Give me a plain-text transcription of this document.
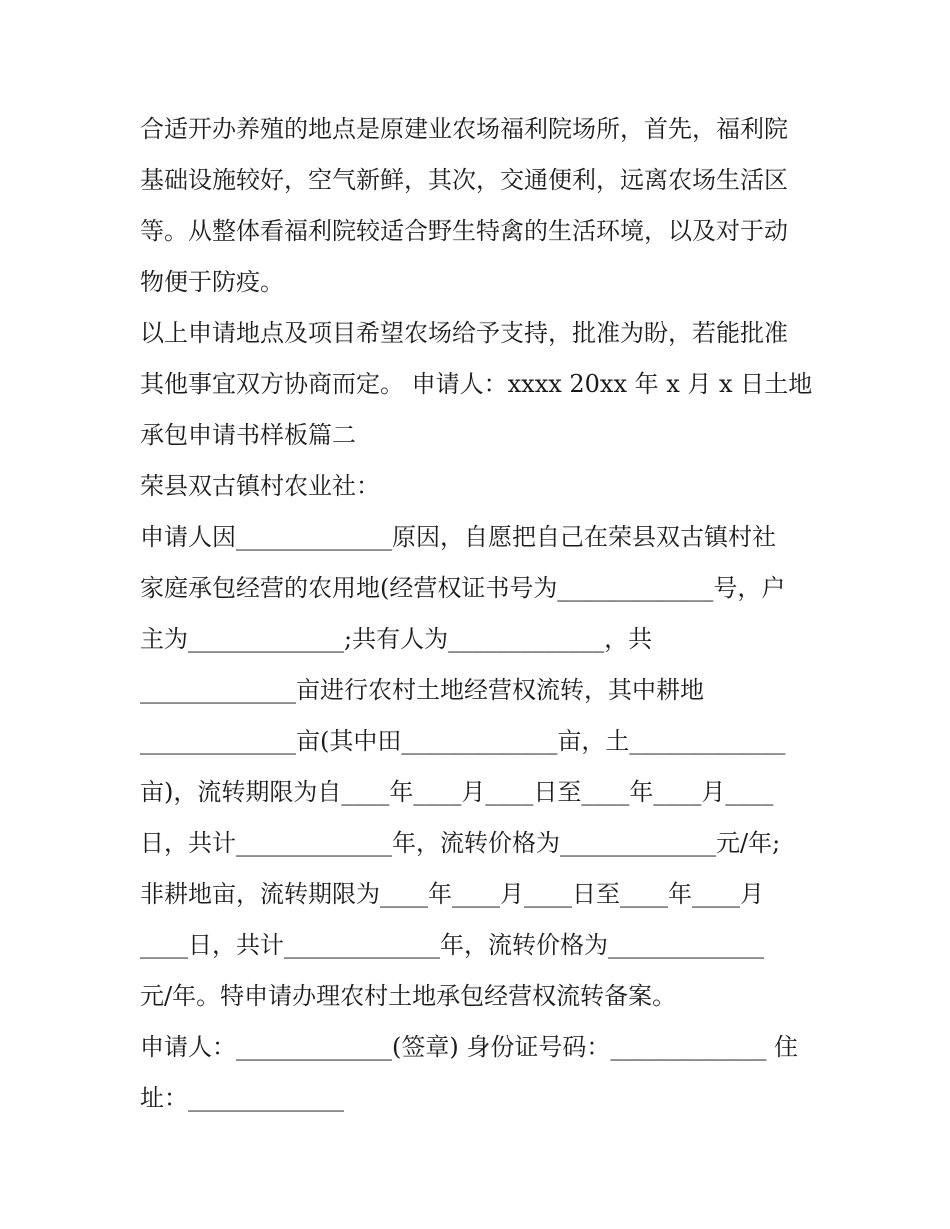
合适开办养殖的地点是原建业农场福利院场所，首先，福利院
基础设施较好，空气新鲜，其次，交通便利，远离农场生活区
等。从整体看福利院较适合野生特禽的生活环境，以及对于动
物便于防疫。
以上申请地点及项目希望农场给予支持，批准为盼，若能批准
其他事宜双方协商而定。 申请人：xxxx 20xx 年 x 月 x 日土地
承包申请书样板篇二
荣县双古镇村农业社：
申请人因_____________原因，自愿把自己在荣县双古镇村社
家庭承包经营的农用地(经营权证书号为_____________号，户
主为_____________;共有人为_____________，共
_____________亩进行农村土地经营权流转，其中耕地
_____________亩(其中田_____________亩，土_____________
亩)，流转期限为自____年____月____日至____年____月____
日，共计_____________年，流转价格为_____________元/年;
非耕地亩，流转期限为____年____月____日至____年____月
____日，共计_____________年，流转价格为_____________
元/年。特申请办理农村土地承包经营权流转备案。
申请人：_____________(签章) 身份证号码：_____________ 住
址：_____________
